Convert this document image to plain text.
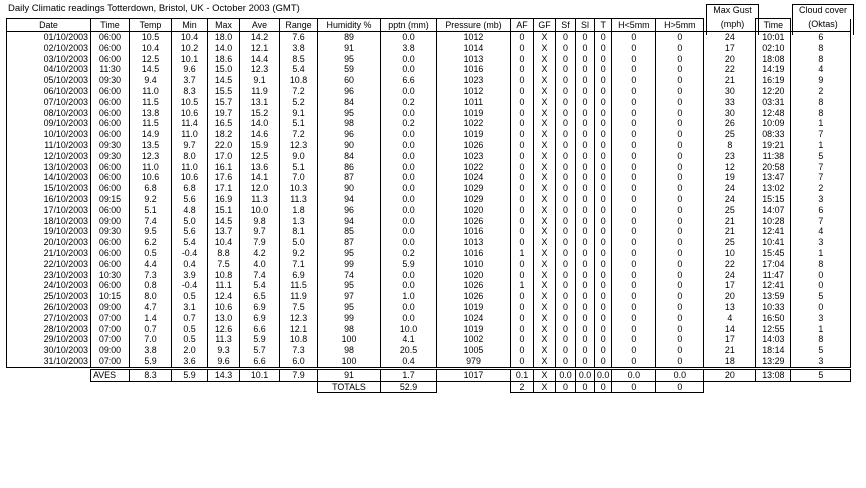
Daily Climatic readings Totterdown, Bristol, UK - October 2003 (GMT)	Max Gust
(mph)
Cloud cover
(Oktas)
Date	Time	Temp	Min	Max	Ave	Range	Humidity %	pptn (mm)	Pressure (mb)	AF	GF	Sf	Sl	T	H<5mm	H>5mm		Time	
01/10/2003	06:00	10.5	10.4	18.0	14.2	7.6	89	0.0	1012	0	X	0	0	0	0	0	24	10:01	6
02/10/2003	06:00	10.4	10.2	14.0	12.1	3.8	91	3.8	1014	0	X	0	0	0	0	0	17	02:10	8
03/10/2003	06:00	12.5	10.1	18.6	14.4	8.5	95	0.0	1013	0	X	0	0	0	0	0	20	18:08	8
04/10/2003	11:30	14.5	9.6	15.0	12.3	5.4	59	0.0	1016	0	X	0	0	0	0	0	22	14:19	4
05/10/2003	09:30	9.4	3.7	14.5	9.1	10.8	60	6.6	1023	0	X	0	0	0	0	0	21	16:19	9
06/10/2003	06:00	11.0	8.3	15.5	11.9	7.2	96	0.0	1012	0	X	0	0	0	0	0	30	12:20	2
07/10/2003	06:00	11.5	10.5	15.7	13.1	5.2	84	0.2	1011	0	X	0	0	0	0	0	33	03:31	8
08/10/2003	06:00	13.8	10.6	19.7	15.2	9.1	95	0.0	1019	0	X	0	0	0	0	0	30	12:48	8
09/10/2003	06:00	11.5	11.4	16.5	14.0	5.1	98	0.2	1022	0	X	0	0	0	0	0	26	10:09	1
10/10/2003	06:00	14.9	11.0	18.2	14.6	7.2	96	0.0	1019	0	X	0	0	0	0	0	25	08:33	7
11/10/2003	09:30	13.5	9.7	22.0	15.9	12.3	90	0.0	1026	0	X	0	0	0	0	0	8	19:21	1
12/10/2003	09:30	12.3	8.0	17.0	12.5	9.0	84	0.0	1023	0	X	0	0	0	0	0	23	11:38	5
13/10/2003	06:00	11.0	11.0	16.1	13.6	5.1	86	0.0	1022	0	X	0	0	0	0	0	12	20:58	7
14/10/2003	06:00	10.6	10.6	17.6	14.1	7.0	87	0.0	1024	0	X	0	0	0	0	0	19	13:47	7
15/10/2003	06:00	6.8	6.8	17.1	12.0	10.3	90	0.0	1029	0	X	0	0	0	0	0	24	13:02	2
16/10/2003	09:15	9.2	5.6	16.9	11.3	11.3	94	0.0	1029	0	X	0	0	0	0	0	24	15:15	3
17/10/2003	06:00	5.1	4.8	15.1	10.0	1.8	96	0.0	1020	0	X	0	0	0	0	0	25	14:07	6
18/10/2003	09:00	7.4	5.0	14.5	9.8	1.3	94	0.0	1026	0	X	0	0	0	0	0	21	10:28	7
19/10/2003	09:30	9.5	5.6	13.7	9.7	8.1	85	0.0	1016	0	X	0	0	0	0	0	21	12:41	4
20/10/2003	06:00	6.2	5.4	10.4	7.9	5.0	87	0.0	1013	0	X	0	0	0	0	0	25	10:41	3
21/10/2003	06:00	0.5	-0.4	8.8	4.2	9.2	95	0.2	1016	1	X	0	0	0	0	0	10	15:45	1
22/10/2003	06:00	4.4	0.4	7.5	4.0	7.1	99	5.9	1010	0	X	0	0	0	0	0	22	17:04	8
23/10/2003	10:30	7.3	3.9	10.8	7.4	6.9	74	0.0	1020	0	X	0	0	0	0	0	24	11:47	0
24/10/2003	06:00	0.8	-0.4	11.1	5.4	11.5	95	0.0	1026	1	X	0	0	0	0	0	17	12:41	0
25/10/2003	10:15	8.0	0.5	12.4	6.5	11.9	97	1.0	1026	0	X	0	0	0	0	0	20	13:59	5
26/10/2003	09:00	4.7	3.1	10.6	6.9	7.5	95	0.0	1019	0	X	0	0	0	0	0	13	10:33	0
27/10/2003	07:00	1.4	0.7	13.0	6.9	12.3	99	0.0	1024	0	X	0	0	0	0	0	4	16:50	3
28/10/2003	07:00	0.7	0.5	12.6	6.6	12.1	98	10.0	1019	0	X	0	0	0	0	0	14	12:55	1
29/10/2003	07:00	7.0	0.5	11.3	5.9	10.8	100	4.1	1002	0	X	0	0	0	0	0	17	14:03	8
30/10/2003	09:00	3.8	2.0	9.3	5.7	7.3	98	20.5	1005	0	X	0	0	0	0	0	21	18:14	5
31/10/2003	07:00	5.9	3.6	9.6	6.6	6.0	100	0.4	979	0	X	0	0	0	0	0	18	13:29	3

	AVES	8.3	5.9	14.3	10.1	7.9	91	1.7	1017	0.1	X	0.0	0.0	0.0	0.0	0.0	20	13:08	5
							TOTALS	52.9		2	X	0	0	0	0	0			
